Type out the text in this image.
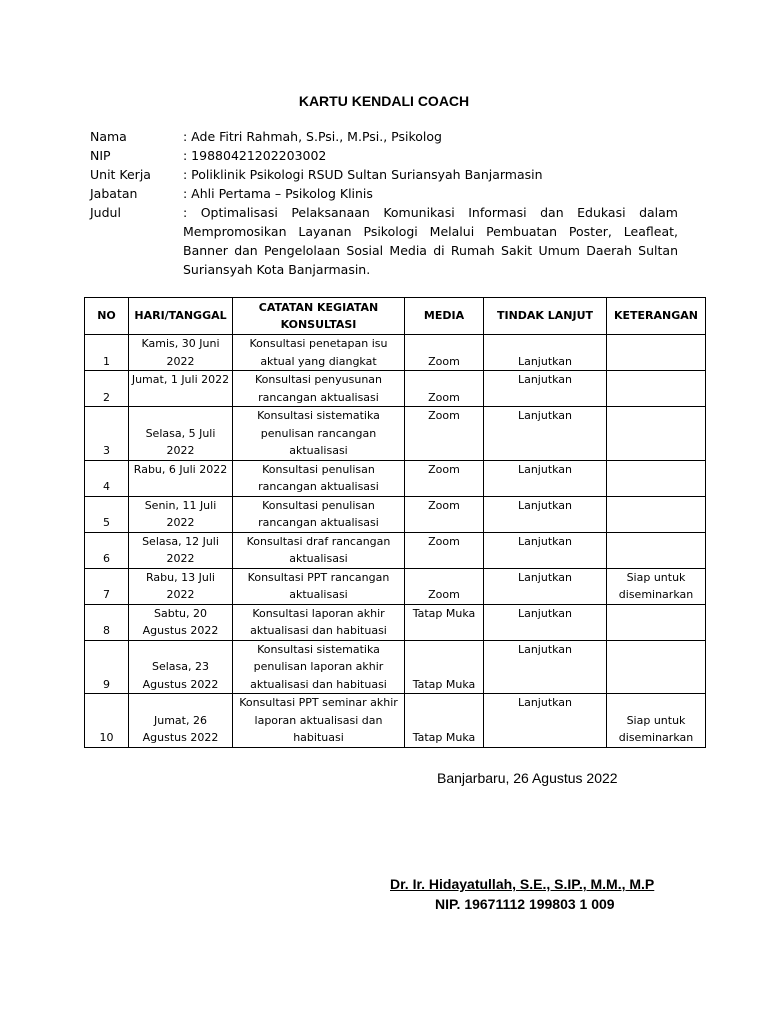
KARTU KENDALI COACH
Nama	: Ade Fitri Rahmah, S.Psi., M.Psi., Psikolog
NIP	: 19880421202203002
Unit Kerja	: Poliklinik Psikologi RSUD Sultan Suriansyah Banjarmasin
Jabatan	: Ahli Pertama – Psikolog Klinis
Judul	: Optimalisasi Pelaksanaan Komunikasi Informasi dan Edukasi dalam Mempromosikan Layanan Psikologi Melalui Pembuatan Poster, Leafleat, Banner dan Pengelolaan Sosial Media di Rumah Sakit Umum Daerah Sultan Suriansyah Kota Banjarmasin.
NO	HARI/TANGGAL	CATATAN KEGIATAN KONSULTASI	MEDIA	TINDAK LANJUT	KETERANGAN
1	Kamis, 30 Juni 2022	Konsultasi penetapan isu aktual yang diangkat	Zoom	Lanjutkan	
2	Jumat, 1 Juli 2022	Konsultasi penyusunan rancangan aktualisasi	Zoom	Lanjutkan	
3	Selasa, 5 Juli 2022	Konsultasi sistematika penulisan rancangan aktualisasi	Zoom	Lanjutkan	
4	Rabu, 6 Juli 2022	Konsultasi penulisan rancangan aktualisasi	Zoom	Lanjutkan	
5	Senin, 11 Juli 2022	Konsultasi penulisan rancangan aktualisasi	Zoom	Lanjutkan	
6	Selasa, 12 Juli 2022	Konsultasi draf rancangan aktualisasi	Zoom	Lanjutkan	
7	Rabu, 13 Juli 2022	Konsultasi PPT rancangan aktualisasi	Zoom	Lanjutkan	Siap untuk diseminarkan
8	Sabtu, 20 Agustus 2022	Konsultasi laporan akhir aktualisasi dan habituasi	Tatap Muka	Lanjutkan	
9	Selasa, 23 Agustus 2022	Konsultasi sistematika penulisan laporan akhir aktualisasi dan habituasi	Tatap Muka	Lanjutkan	
10	Jumat, 26 Agustus 2022	Konsultasi PPT seminar akhir laporan aktualisasi dan habituasi	Tatap Muka	Lanjutkan	Siap untuk diseminarkan
Banjarbaru, 26 Agustus 2022
Dr. Ir. Hidayatullah, S.E., S.IP., M.M., M.P
NIP. 19671112 199803 1 009
